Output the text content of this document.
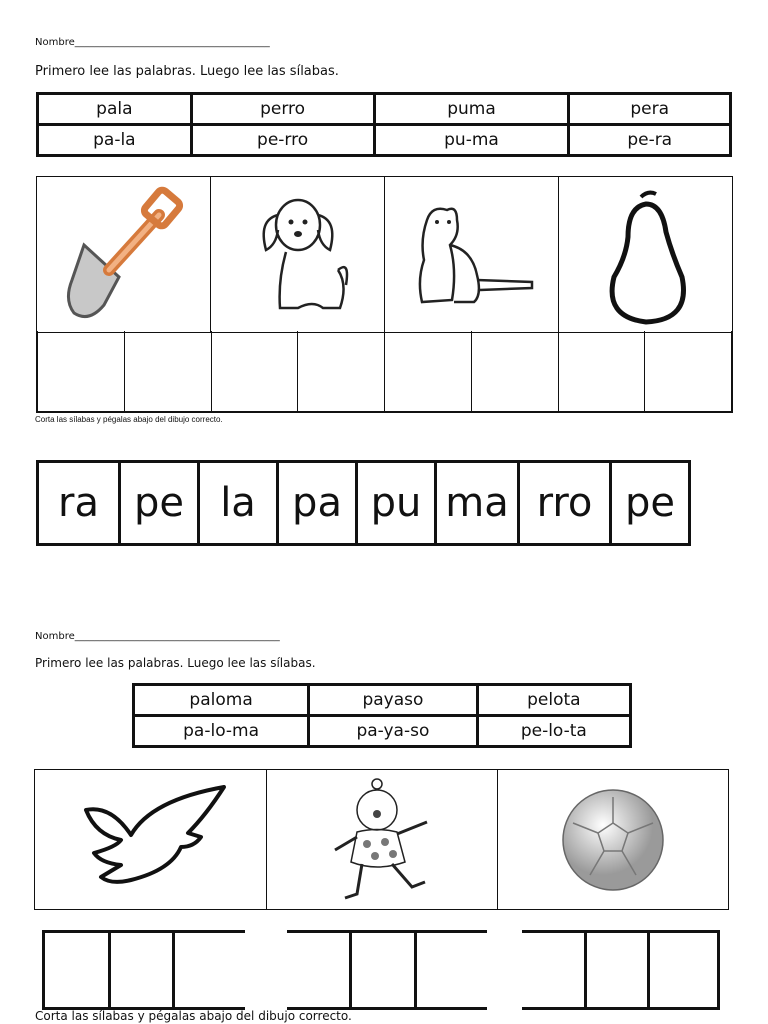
Nombre_______________________________________
Primero lee las palabras. Luego lee las sílabas.
pala	perro	puma	pera
pa-la	pe-rro	pu-ma	pe-ra
Corta las sílabas y pégalas abajo del dibujo correcto.
ra pe la pa pu ma rro pe
Nombre_________________________________________
Primero lee las palabras. Luego lee las sílabas.
paloma	payaso	pelota
pa-lo-ma	pa-ya-so	pe-lo-ta
Corta las sílabas y pégalas abajo del dibujo correcto.
